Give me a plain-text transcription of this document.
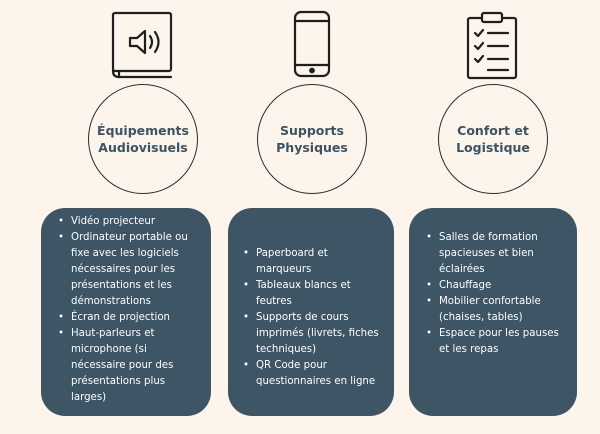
Équipements
Audiovisuels
Supports
Physiques
Confort et
Logistique
• Vidéo projecteur
• Ordinateur portable ou fixe avec les logiciels nécessaires pour les présentations et les démonstrations
• Écran de projection
• Haut-parleurs et microphone (si nécessaire pour des présentations plus larges)
• Paperboard et marqueurs
• Tableaux blancs et feutres
• Supports de cours imprimés (livrets, fiches techniques)
• QR Code pour questionnaires en ligne
• Salles de formation spacieuses et bien éclairées
• Chauffage
• Mobilier confortable (chaises, tables)
• Espace pour les pauses et les repas
